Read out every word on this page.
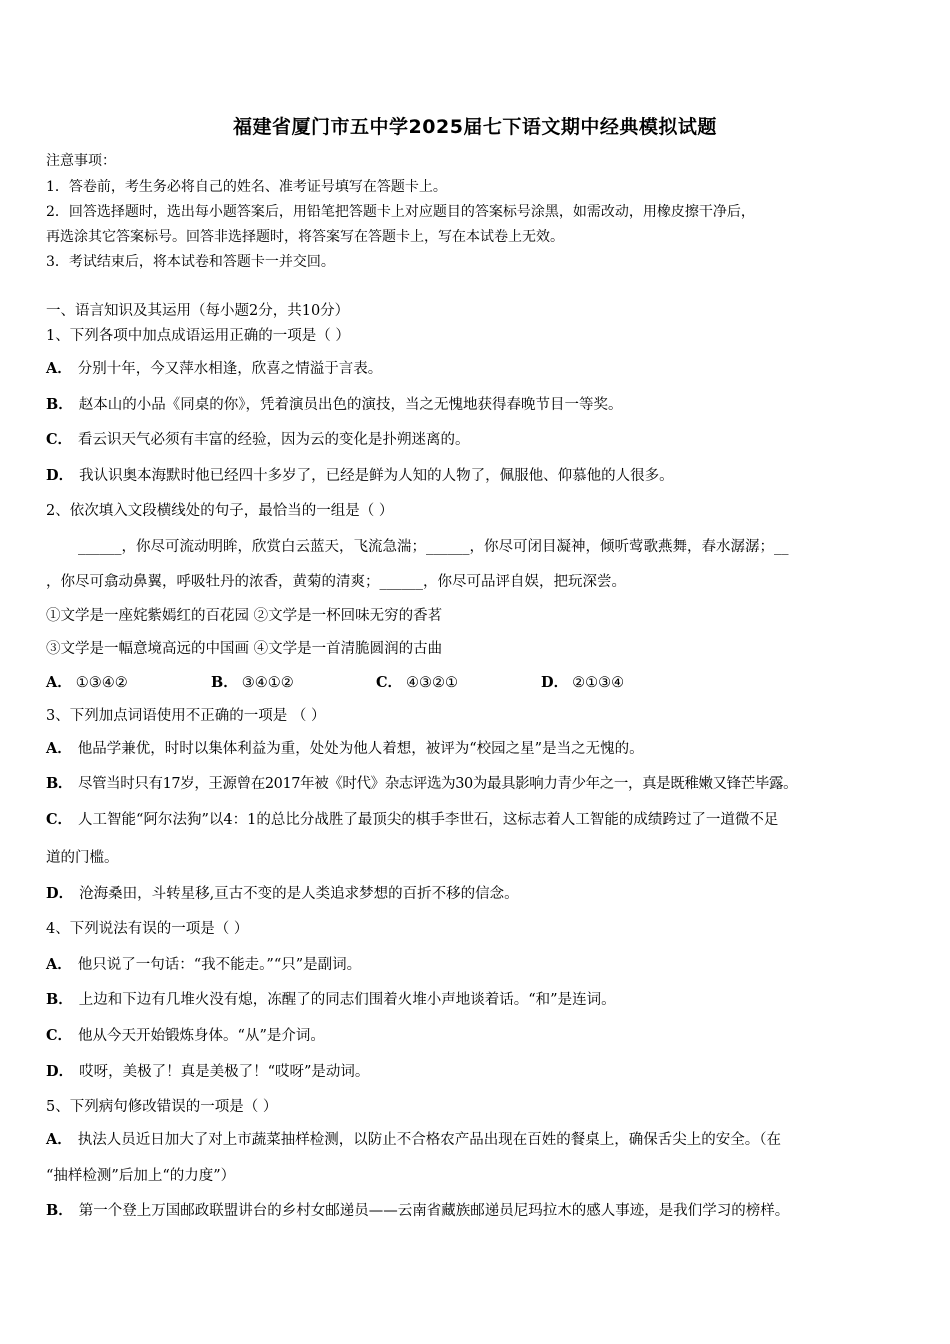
福建省厦门市五中学2025届七下语文期中经典模拟试题
注意事项：
1．答卷前，考生务必将自己的姓名、准考证号填写在答题卡上。
2．回答选择题时，选出每小题答案后，用铅笔把答题卡上对应题目的答案标号涂黑，如需改动，用橡皮擦干净后，
再选涂其它答案标号。回答非选择题时，将答案写在答题卡上，写在本试卷上无效。
3．考试结束后，将本试卷和答题卡一并交回。
一、语言知识及其运用（每小题2分，共10分）
1、下列各项中加点成语运用正确的一项是（ ）
A． 分别十年，今又萍水相逢，欣喜之情溢于言表。
B． 赵本山的小品《同桌的你》，凭着演员出色的演技，当之无愧地获得春晚节目一等奖。
C． 看云识天气必须有丰富的经验，因为云的变化是扑朔迷离的。
D． 我认识奥本海默时他已经四十多岁了，已经是鲜为人知的人物了，佩服他、仰慕他的人很多。
2、依次填入文段横线处的句子，最恰当的一组是（ ）
______，你尽可流动明眸，欣赏白云蓝天，飞流急湍；______，你尽可闭目凝神，倾听莺歌燕舞，春水潺潺；__
，你尽可翕动鼻翼，呼吸牡丹的浓香，黄菊的清爽；______，你尽可品评自娱，把玩深尝。
①文学是一座姹紫嫣红的百花园 ②文学是一杯回味无穷的香茗
③文学是一幅意境高远的中国画 ④文学是一首清脆圆润的古曲
A． ①③④②	B． ③④①②	C． ④③②①	D． ②①③④
3、下列加点词语使用不正确的一项是 （ ）
A． 他品学兼优，时时以集体利益为重，处处为他人着想，被评为“校园之星”是当之无愧的。
B． 尽管当时只有17岁，王源曾在2017年被《时代》杂志评选为30为最具影响力青少年之一，真是既稚嫩又锋芒毕露。
C． 人工智能“阿尔法狗”以4：1的总比分战胜了最顶尖的棋手李世石，这标志着人工智能的成绩跨过了一道微不足
道的门槛。
D． 沧海桑田，斗转星移,亘古不变的是人类追求梦想的百折不移的信念。
4、下列说法有误的一项是（ ）
A． 他只说了一句话：“我不能走。”“只”是副词。
B． 上边和下边有几堆火没有熄，冻醒了的同志们围着火堆小声地谈着话。“和”是连词。
C． 他从今天开始锻炼身体。“从”是介词。
D． 哎呀，美极了！真是美极了！“哎呀”是动词。
5、下列病句修改错误的一项是（ ）
A． 执法人员近日加大了对上市蔬菜抽样检测，以防止不合格农产品出现在百姓的餐桌上，确保舌尖上的安全。（在
“抽样检测”后加上“的力度”）
B． 第一个登上万国邮政联盟讲台的乡村女邮递员——云南省藏族邮递员尼玛拉木的感人事迹，是我们学习的榜样。
